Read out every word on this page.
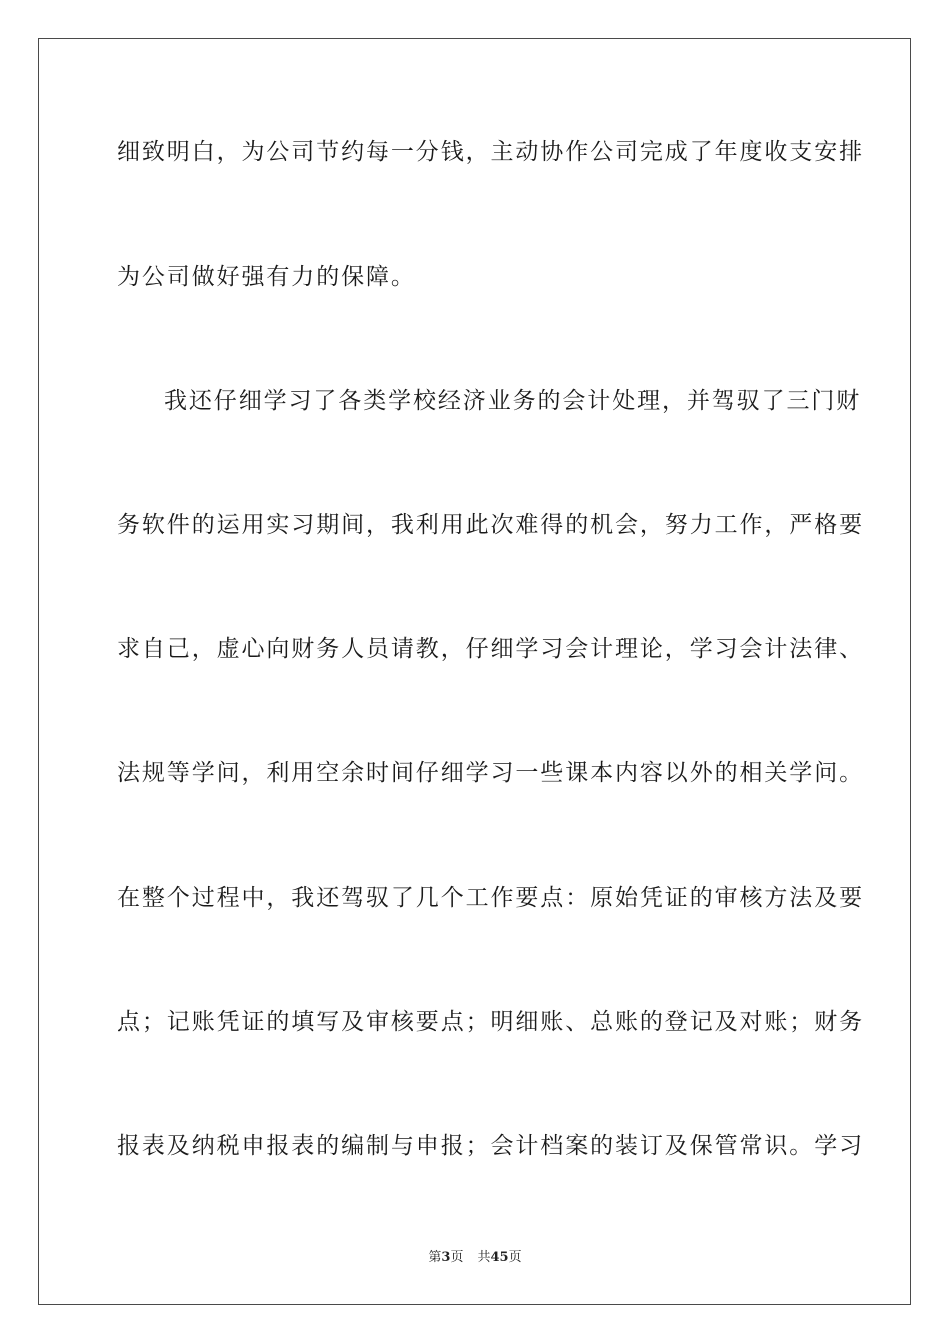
细致明白，为公司节约每一分钱，主动协作公司完成了年度收支安排
为公司做好强有力的保障。
我还仔细学习了各类学校经济业务的会计处理，并驾驭了三门财
务软件的运用实习期间，我利用此次难得的机会，努力工作，严格要
求自己，虚心向财务人员请教，仔细学习会计理论，学习会计法律、
法规等学问，利用空余时间仔细学习一些课本内容以外的相关学问。
在整个过程中，我还驾驭了几个工作要点：原始凭证的审核方法及要
点；记账凭证的填写及审核要点；明细账、总账的登记及对账；财务
报表及纳税申报表的编制与申报；会计档案的装订及保管常识。学习
第3页 共45页
